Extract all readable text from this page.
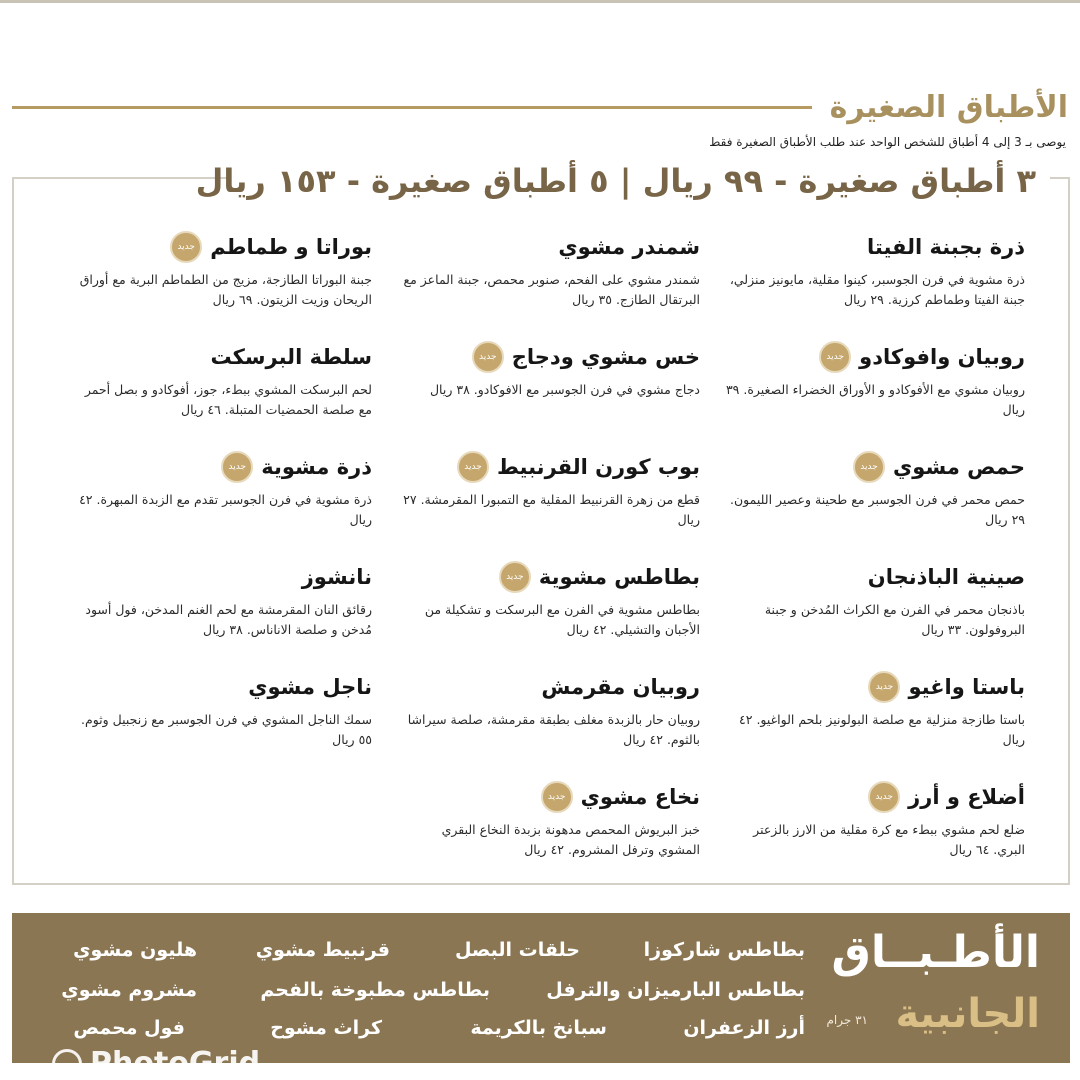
الأطباق الصغيرة
يوصى بـ 3 إلى 4 أطباق للشخص الواحد عند طلب الأطباق الصغيرة فقط
٣ أطباق صغيرة - ٩٩ ريال | ٥ أطباق صغيرة - ١٥٣ ريال
ذرة بجبنة الفيتا
ذرة مشوية في فرن الجوسبر، كينوا مقلية، مايونيز منزلي، جبنة الفيتا وطماطم كرزية. ٢٩ ريال
روبيان وافوكادو
جديد
روبيان مشوي مع الأفوكادو و الأوراق الخضراء الصغيرة. ٣٩ ريال
حمص مشوي
جديد
حمص محمر في فرن الجوسبر مع طحينة وعصير الليمون. ٢٩ ريال
صينية الباذنجان
باذنجان محمر في الفرن مع الكراث المُدخن و جبنة البروفولون. ٣٣ ريال
باستا واغيو
جديد
باستا طازجة منزلية مع صلصة البولونيز بلحم الواغيو. ٤٢ ريال
أضلاع و أرز
جديد
ضلع لحم مشوي ببطء مع كرة مقلية من الارز بالزعتر البري. ٦٤ ريال
شمندر مشوي
شمندر مشوي على الفحم، صنوبر محمص، جبنة الماعز مع البرتقال الطازج. ٣٥ ريال
خس مشوي ودجاج
جديد
دجاج مشوي في فرن الجوسبر مع الافوكادو. ٣٨ ريال
بوب كورن القرنبيط
جديد
قطع من زهرة القرنبيط المقلية مع التمبورا المقرمشة. ٢٧ ريال
بطاطس مشوية
جديد
بطاطس مشوية في الفرن مع البرسكت و تشكيلة من الأجبان والتشيلي. ٤٢ ريال
روبيان مقرمش
روبيان حار بالزبدة مغلف بطبقة مقرمشة، صلصة سيراشا بالثوم. ٤٢ ريال
نخاع مشوي
جديد
خبز البريوش المحمص مدهونة بزبدة النخاع البقري المشوي وترفل المشروم. ٤٢ ريال
بوراتا و طماطم
جديد
جبنة البوراتا الطازجة، مزيج من الطماطم البرية مع أوراق الريحان وزيت الزيتون. ٦٩ ريال
سلطة البرسكت
لحم البرسكت المشوي ببطء، جوز، أفوكادو و بصل أحمر مع صلصة الحمضيات المتبلة. ٤٦ ريال
ذرة مشوية
جديد
ذرة مشوية في فرن الجوسبر تقدم مع الزبدة المبهرة. ٤٢ ريال
نانشوز
رقائق النان المقرمشة مع لحم الغنم المدخن، فول أسود مُدخن و صلصة الاناناس. ٣٨ ريال
ناجل مشوي
سمك الناجل المشوي في فرن الجوسبر مع زنجبيل وثوم. ٥٥ ريال
الأطـبــاق
الجانبية
٣١ جرام
بطاطس شاركوزا
حلقات البصل
قرنبيط مشوي
هليون مشوي
بطاطس البارميزان والترفل
بطاطس مطبوخة بالفحم
مشروم مشوي
أرز الزعفران
سبانخ بالكريمة
كراث مشوح
فول محمص
PhotoGrid
